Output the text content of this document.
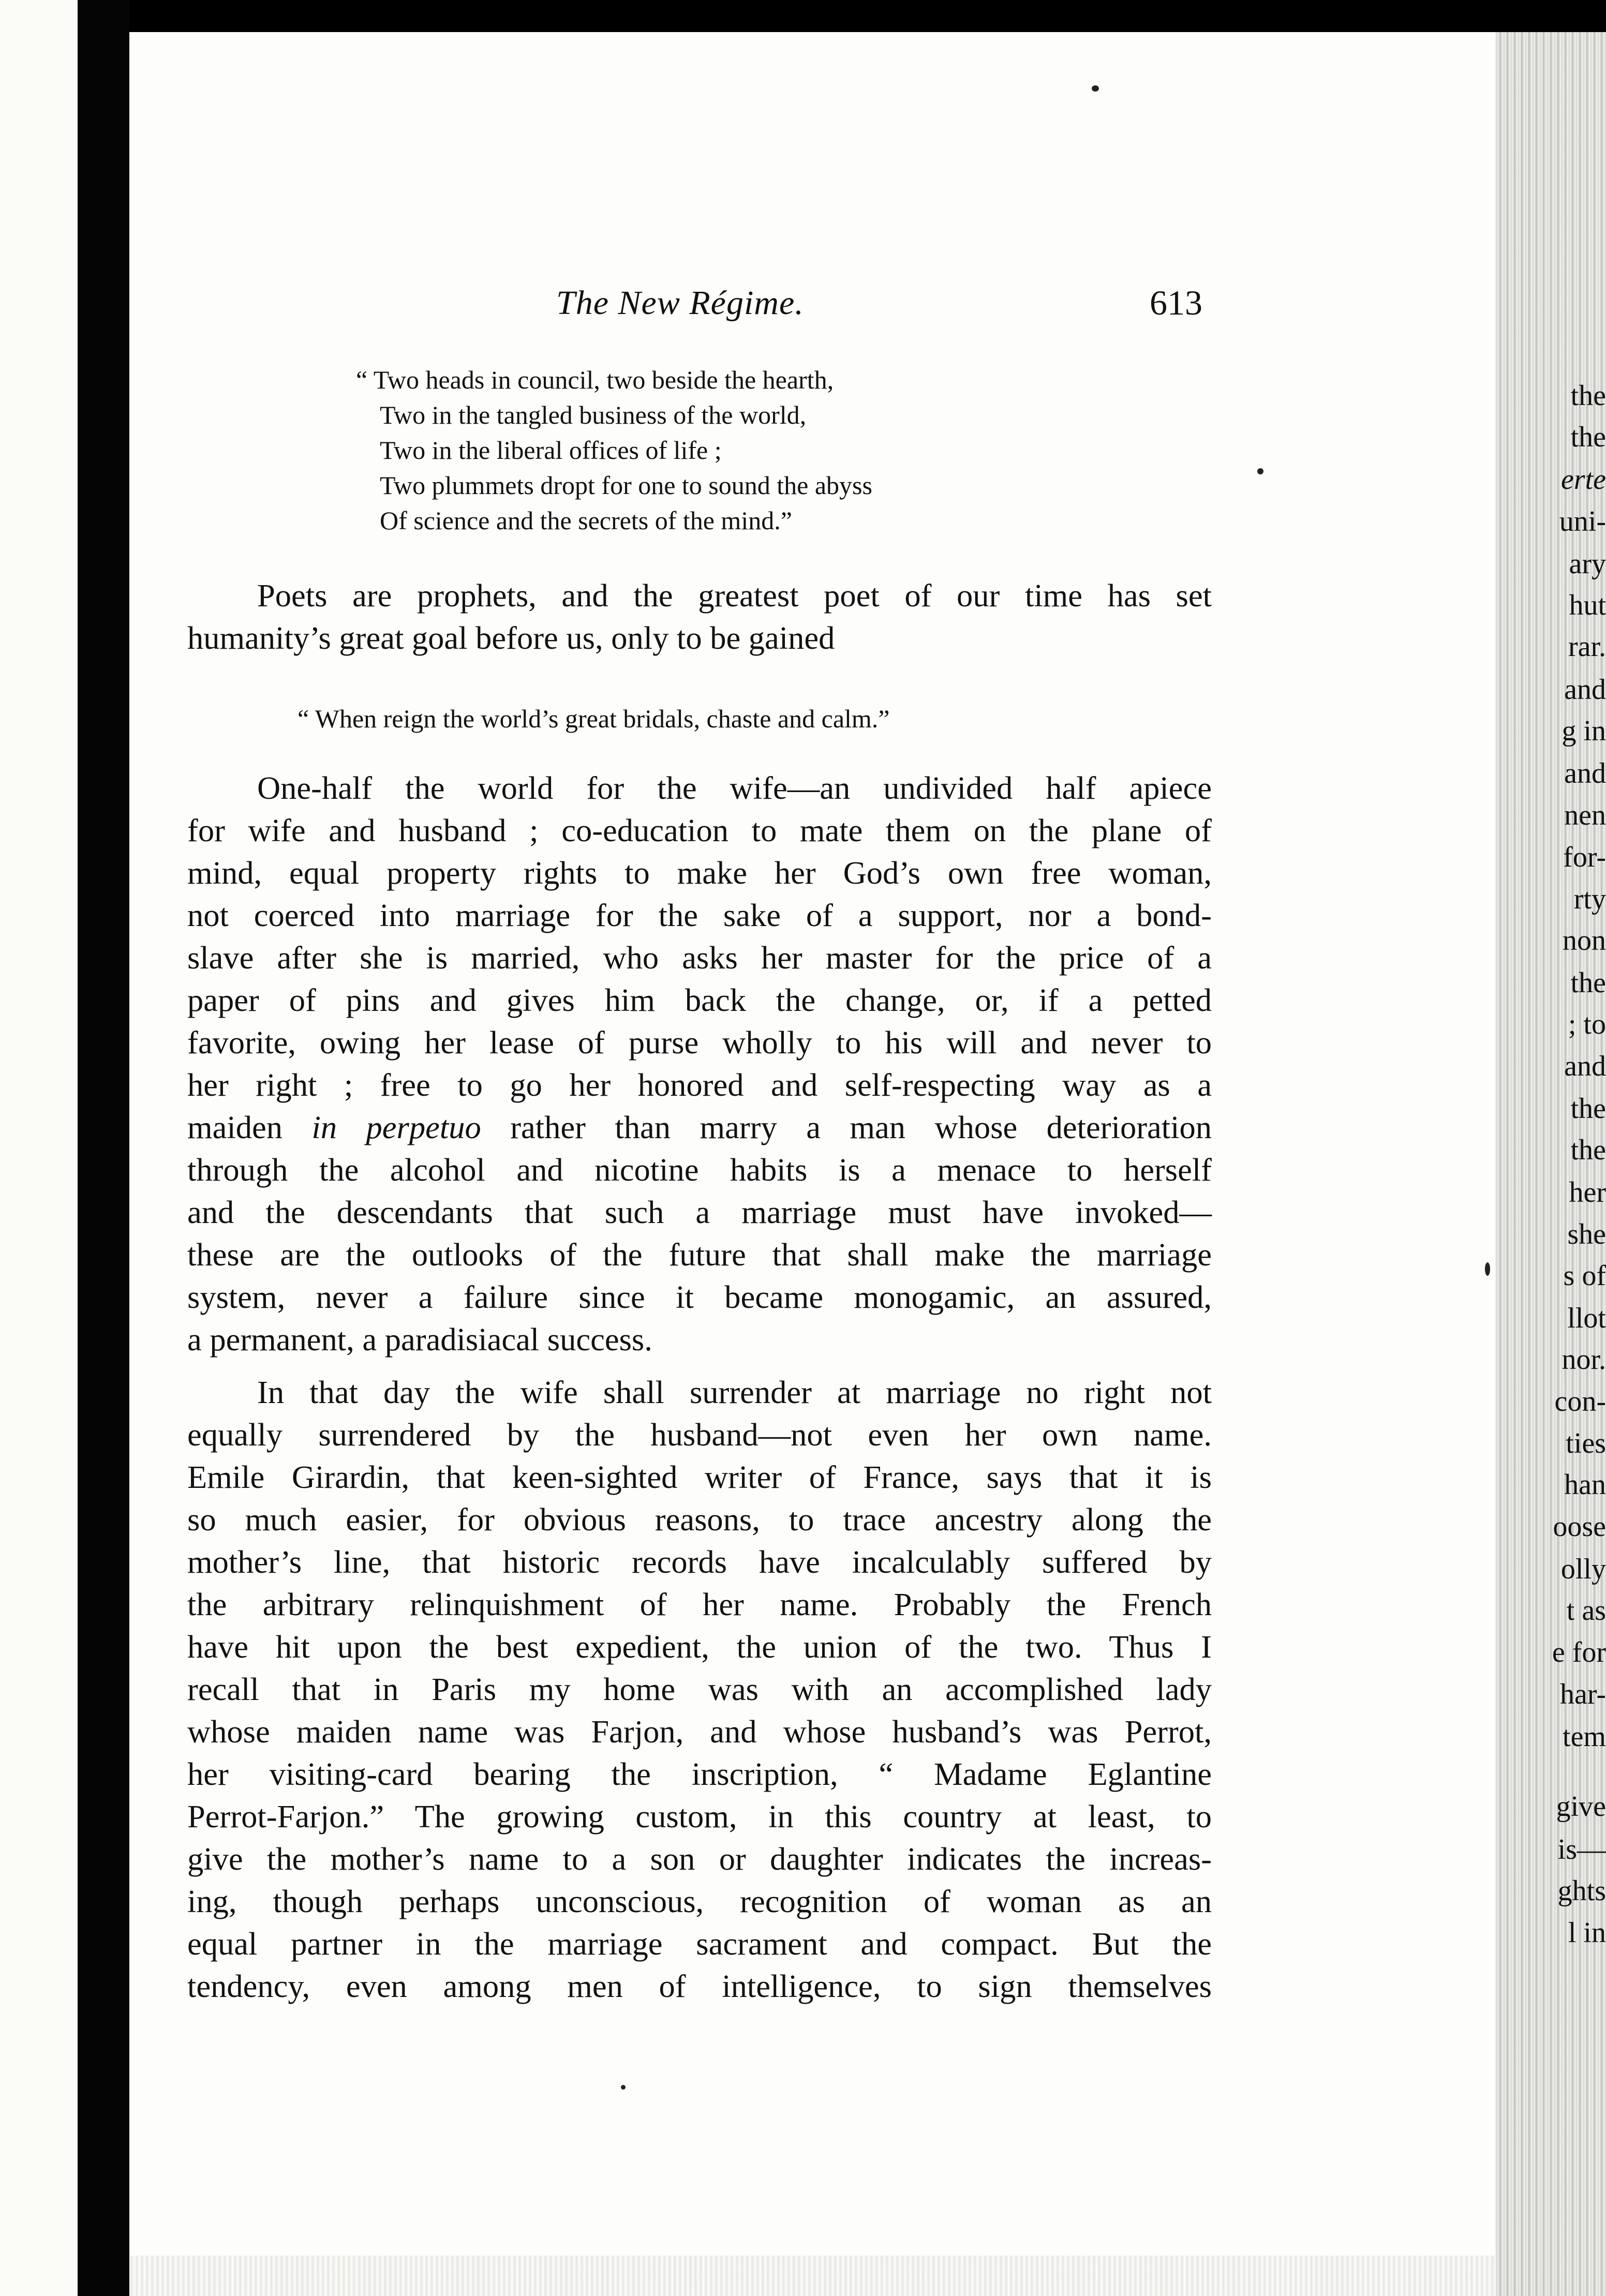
the
the
erte
uni-
ary
hut
rar.
and
g in
and
nen
for-
rty
non
the
; to
and
the
the
her
she
s of
llot
nor.
con-
ties
han
oose
olly
t as
e for
har-
tem
give
is—
ghts
l in
The New Régime.	613
“ Two heads in council, two beside the hearth,
Two in the tangled business of the world,
Two in the liberal offices of life ;
Two plummets dropt for one to sound the abyss
Of science and the secrets of the mind.”
Poets are prophets, and the greatest poet of our time has set
humanity’s great goal before us, only to be gained
“ When reign the world’s great bridals, chaste and calm.”
One-half the world for the wife—an undivided half apiece
for wife and husband ; co-education to mate them on the plane of
mind, equal property rights to make her God’s own free woman,
not coerced into marriage for the sake of a support, nor a bond-
slave after she is married, who asks her master for the price of a
paper of pins and gives him back the change, or, if a petted
favorite, owing her lease of purse wholly to his will and never to
her right ; free to go her honored and self-respecting way as a
maiden in perpetuo rather than marry a man whose deterioration
through the alcohol and nicotine habits is a menace to herself
and the descendants that such a marriage must have invoked—
these are the outlooks of the future that shall make the marriage
system, never a failure since it became monogamic, an assured,
a permanent, a paradisiacal success.
In that day the wife shall surrender at marriage no right not
equally surrendered by the husband—not even her own name.
Emile Girardin, that keen-sighted writer of France, says that it is
so much easier, for obvious reasons, to trace ancestry along the
mother’s line, that historic records have incalculably suffered by
the arbitrary relinquishment of her name. Probably the French
have hit upon the best expedient, the union of the two. Thus I
recall that in Paris my home was with an accomplished lady
whose maiden name was Farjon, and whose husband’s was Perrot,
her visiting-card bearing the inscription, “ Madame Eglantine
Perrot-Farjon.” The growing custom, in this country at least, to
give the mother’s name to a son or daughter indicates the increas-
ing, though perhaps unconscious, recognition of woman as an
equal partner in the marriage sacrament and compact. But the
tendency, even among men of intelligence, to sign themselves
